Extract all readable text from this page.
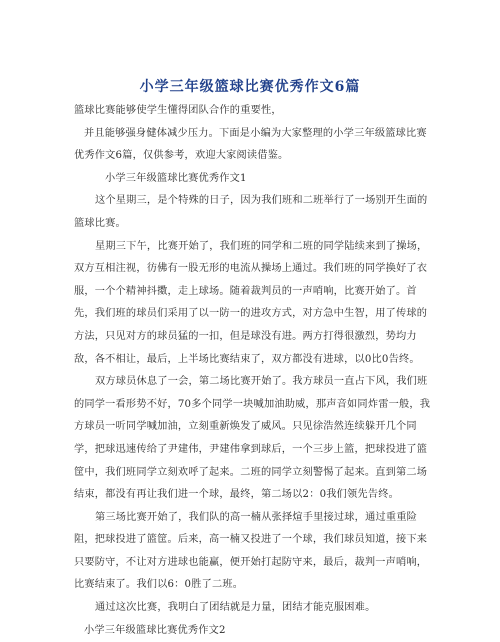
小学三年级篮球比赛优秀作文6篇
篮球比赛能够使学生懂得团队合作的重要性，
并且能够强身健体减少压力。下面是小编为大家整理的小学三年级篮球比赛
优秀作文6篇，仅供参考，欢迎大家阅读借鉴。
小学三年级篮球比赛优秀作文1
这个星期三，是个特殊的日子，因为我们班和二班举行了一场别开生面的
篮球比赛。
星期三下午，比赛开始了，我们班的同学和二班的同学陆续来到了操场，
双方互相注视，彷佛有一股无形的电流从操场上通过。我们班的同学换好了衣
服，一个个精神抖擞，走上球场。随着裁判员的一声哨响，比赛开始了。首
先，我们班的球员们采用了以一防一的进攻方式，对方急中生智，用了传球的
方法，只见对方的球员猛的一扣，但是球没有进。两方打得很激烈，势均力
敌，各不相让，最后，上半场比赛结束了，双方都没有进球，以0比0告终。
双方球员休息了一会，第二场比赛开始了。我方球员一直占下风，我们班
的同学一看形势不好，70多个同学一块喊加油助威，那声音如同炸雷一般，我
方球员一听同学喊加油，立刻重新焕发了威风。只见徐浩然连续躲开几个同
学，把球迅速传给了尹建伟，尹建伟拿到球后，一个三步上篮，把球投进了篮
筐中，我们班同学立刻欢呼了起来。二班的同学立刻警惕了起来。直到第二场
结束，都没有再让我们进一个球，最终，第二场以2：0我们领先告终。
第三场比赛开始了，我们队的高一楠从张择煊手里接过球，通过重重险
阻，把球投进了篮筐。后来，高一楠又投进了一个球，我们球员知道，接下来
只要防守，不让对方进球也能赢，便开始打起防守来，最后，裁判一声哨响，
比赛结束了。我们以6：0胜了二班。
通过这次比赛，我明白了团结就是力量，团结才能克服困难。
小学三年级篮球比赛优秀作文2
